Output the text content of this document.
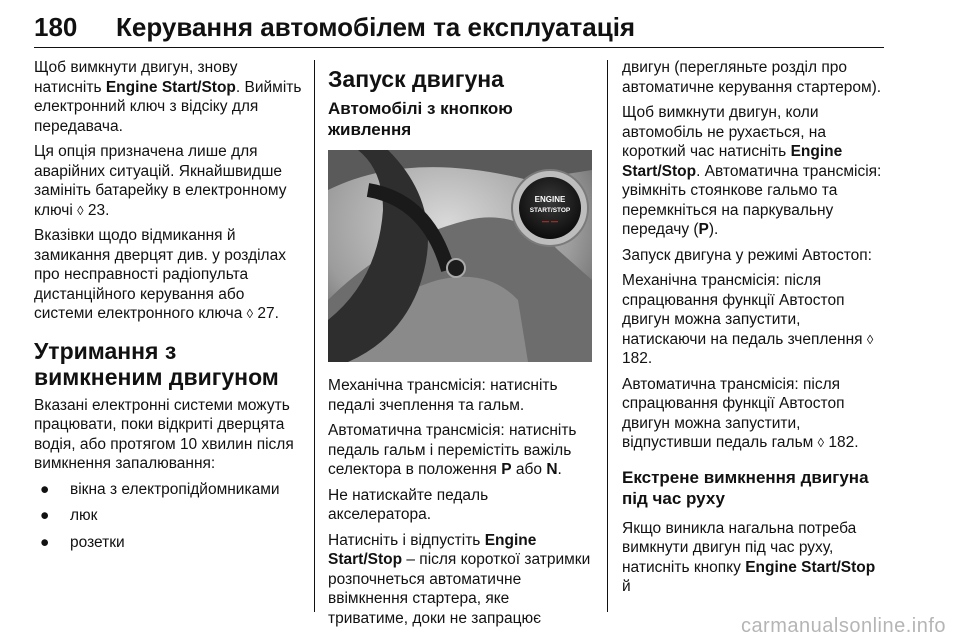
180 Керування автомобілем та експлуатація

Щоб вимкнути двигун, знову натисніть Engine Start/Stop. Вийміть електронний ключ з відсіку для передавача.

Ця опція призначена лише для аварійних ситуацій. Якнайшвидше замініть батарейку в електронному ключі ◊ 23.

Вказівки щодо відмикання й замикання дверцят див. у розділах про несправності радіопульта дистанційного керування або системи електронного ключа ◊ 27.

Утримання з вимкненим двигуном

Вказані електронні системи можуть працювати, поки відкриті дверцята водія, або протягом 10 хвилин після вимкнення запалювання:

● вікна з електропідйомниками
● люк
● розетки
Запуск двигуна
Автомобілі з кнопкою живлення
ENGINE
START/STOP
— —

Механічна трансмісія: натисніть педалі зчеплення та гальм.

Автоматична трансмісія: натисніть педаль гальм і перемістіть важіль селектора в положення P або N.

Не натискайте педаль акселератора.

Натисніть і відпустіть Engine Start/Stop – після короткої затримки розпочнеться автоматичне ввімкнення стартера, яке триватиме, доки не запрацює

двигун (перегляньте розділ про автоматичне керування стартером).

Щоб вимкнути двигун, коли автомобіль не рухається, на короткий час натисніть Engine Start/Stop. Автоматична трансмісія: увімкніть стоянкове гальмо та перемкніться на паркувальну передачу (P).

Запуск двигуна у режимі Автостоп:

Механічна трансмісія: після спрацювання функції Автостоп двигун можна запустити, натискаючи на педаль зчеплення ◊ 182.

Автоматична трансмісія: після спрацювання функції Автостоп двигун можна запустити, відпустивши педаль гальм ◊ 182.

Екстрене вимкнення двигуна під час руху

Якщо виникла нагальна потреба вимкнути двигун під час руху, натисніть кнопку Engine Start/Stop й

carmanualsonline.info
